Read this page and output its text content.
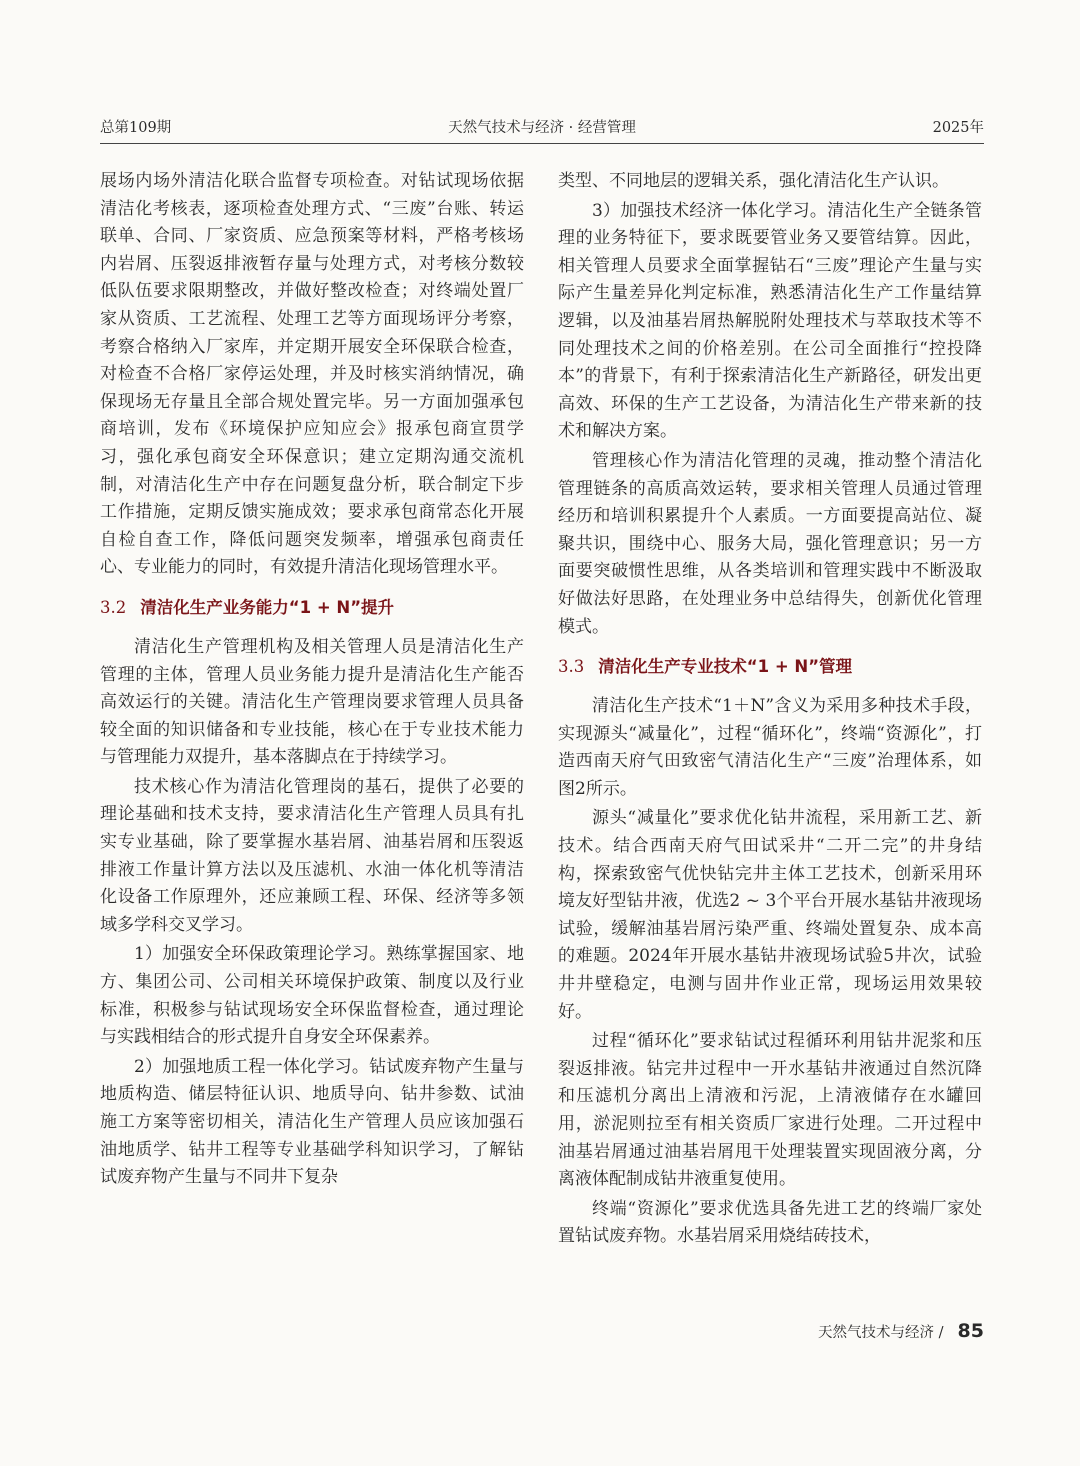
总第109期	天然气技术与经济 · 经营管理	2025年

展场内场外清洁化联合监督专项检查。对钻试现场依据清洁化考核表，逐项检查处理方式、“三废”台账、转运联单、合同、厂家资质、应急预案等材料，严格考核场内岩屑、压裂返排液暂存量与处理方式，对考核分数较低队伍要求限期整改，并做好整改检查；对终端处置厂家从资质、工艺流程、处理工艺等方面现场评分考察，考察合格纳入厂家库，并定期开展安全环保联合检查，对检查不合格厂家停运处理，并及时核实消纳情况，确保现场无存量且全部合规处置完毕。另一方面加强承包商培训，发布《环境保护应知应会》报承包商宣贯学习，强化承包商安全环保意识；建立定期沟通交流机制，对清洁化生产中存在问题复盘分析，联合制定下步工作措施，定期反馈实施成效；要求承包商常态化开展自检自查工作，降低问题突发频率，增强承包商责任心、专业能力的同时，有效提升清洁化现场管理水平。

3.2 清洁化生产业务能力“1 + N”提升

清洁化生产管理机构及相关管理人员是清洁化生产管理的主体，管理人员业务能力提升是清洁化生产能否高效运行的关键。清洁化生产管理岗要求管理人员具备较全面的知识储备和专业技能，核心在于专业技术能力与管理能力双提升，基本落脚点在于持续学习。

技术核心作为清洁化管理岗的基石，提供了必要的理论基础和技术支持，要求清洁化生产管理人员具有扎实专业基础，除了要掌握水基岩屑、油基岩屑和压裂返排液工作量计算方法以及压滤机、水油一体化机等清洁化设备工作原理外，还应兼顾工程、环保、经济等多领域多学科交叉学习。

1）加强安全环保政策理论学习。熟练掌握国家、地方、集团公司、公司相关环境保护政策、制度以及行业标准，积极参与钻试现场安全环保监督检查，通过理论与实践相结合的形式提升自身安全环保素养。

2）加强地质工程一体化学习。钻试废弃物产生量与地质构造、储层特征认识、地质导向、钻井参数、试油施工方案等密切相关，清洁化生产管理人员应该加强石油地质学、钻井工程等专业基础学科知识学习，了解钻试废弃物产生量与不同井下复杂

类型、不同地层的逻辑关系，强化清洁化生产认识。

3）加强技术经济一体化学习。清洁化生产全链条管理的业务特征下，要求既要管业务又要管结算。因此，相关管理人员要求全面掌握钻石“三废”理论产生量与实际产生量差异化判定标准，熟悉清洁化生产工作量结算逻辑，以及油基岩屑热解脱附处理技术与萃取技术等不同处理技术之间的价格差别。在公司全面推行“控投降本”的背景下，有利于探索清洁化生产新路径，研发出更高效、环保的生产工艺设备，为清洁化生产带来新的技术和解决方案。

管理核心作为清洁化管理的灵魂，推动整个清洁化管理链条的高质高效运转，要求相关管理人员通过管理经历和培训积累提升个人素质。一方面要提高站位、凝聚共识，围绕中心、服务大局，强化管理意识；另一方面要突破惯性思维，从各类培训和管理实践中不断汲取好做法好思路，在处理业务中总结得失，创新优化管理模式。

3.3 清洁化生产专业技术“1 + N”管理

清洁化生产技术“1＋N”含义为采用多种技术手段，实现源头“减量化”，过程“循环化”，终端“资源化”，打造西南天府气田致密气清洁化生产“三废”治理体系，如图2所示。

源头“减量化”要求优化钻井流程，采用新工艺、新技术。结合西南天府气田试采井“二开二完”的井身结构，探索致密气优快钻完井主体工艺技术，创新采用环境友好型钻井液，优选2 ~ 3个平台开展水基钻井液现场试验，缓解油基岩屑污染严重、终端处置复杂、成本高的难题。2024年开展水基钻井液现场试验5井次，试验井井壁稳定，电测与固井作业正常，现场运用效果较好。

过程“循环化”要求钻试过程循环利用钻井泥浆和压裂返排液。钻完井过程中一开水基钻井液通过自然沉降和压滤机分离出上清液和污泥，上清液储存在水罐回用，淤泥则拉至有相关资质厂家进行处理。二开过程中油基岩屑通过油基岩屑甩干处理装置实现固液分离，分离液体配制成钻井液重复使用。

终端“资源化”要求优选具备先进工艺的终端厂家处置钻试废弃物。水基岩屑采用烧结砖技术，

天然气技术与经济 / 85
